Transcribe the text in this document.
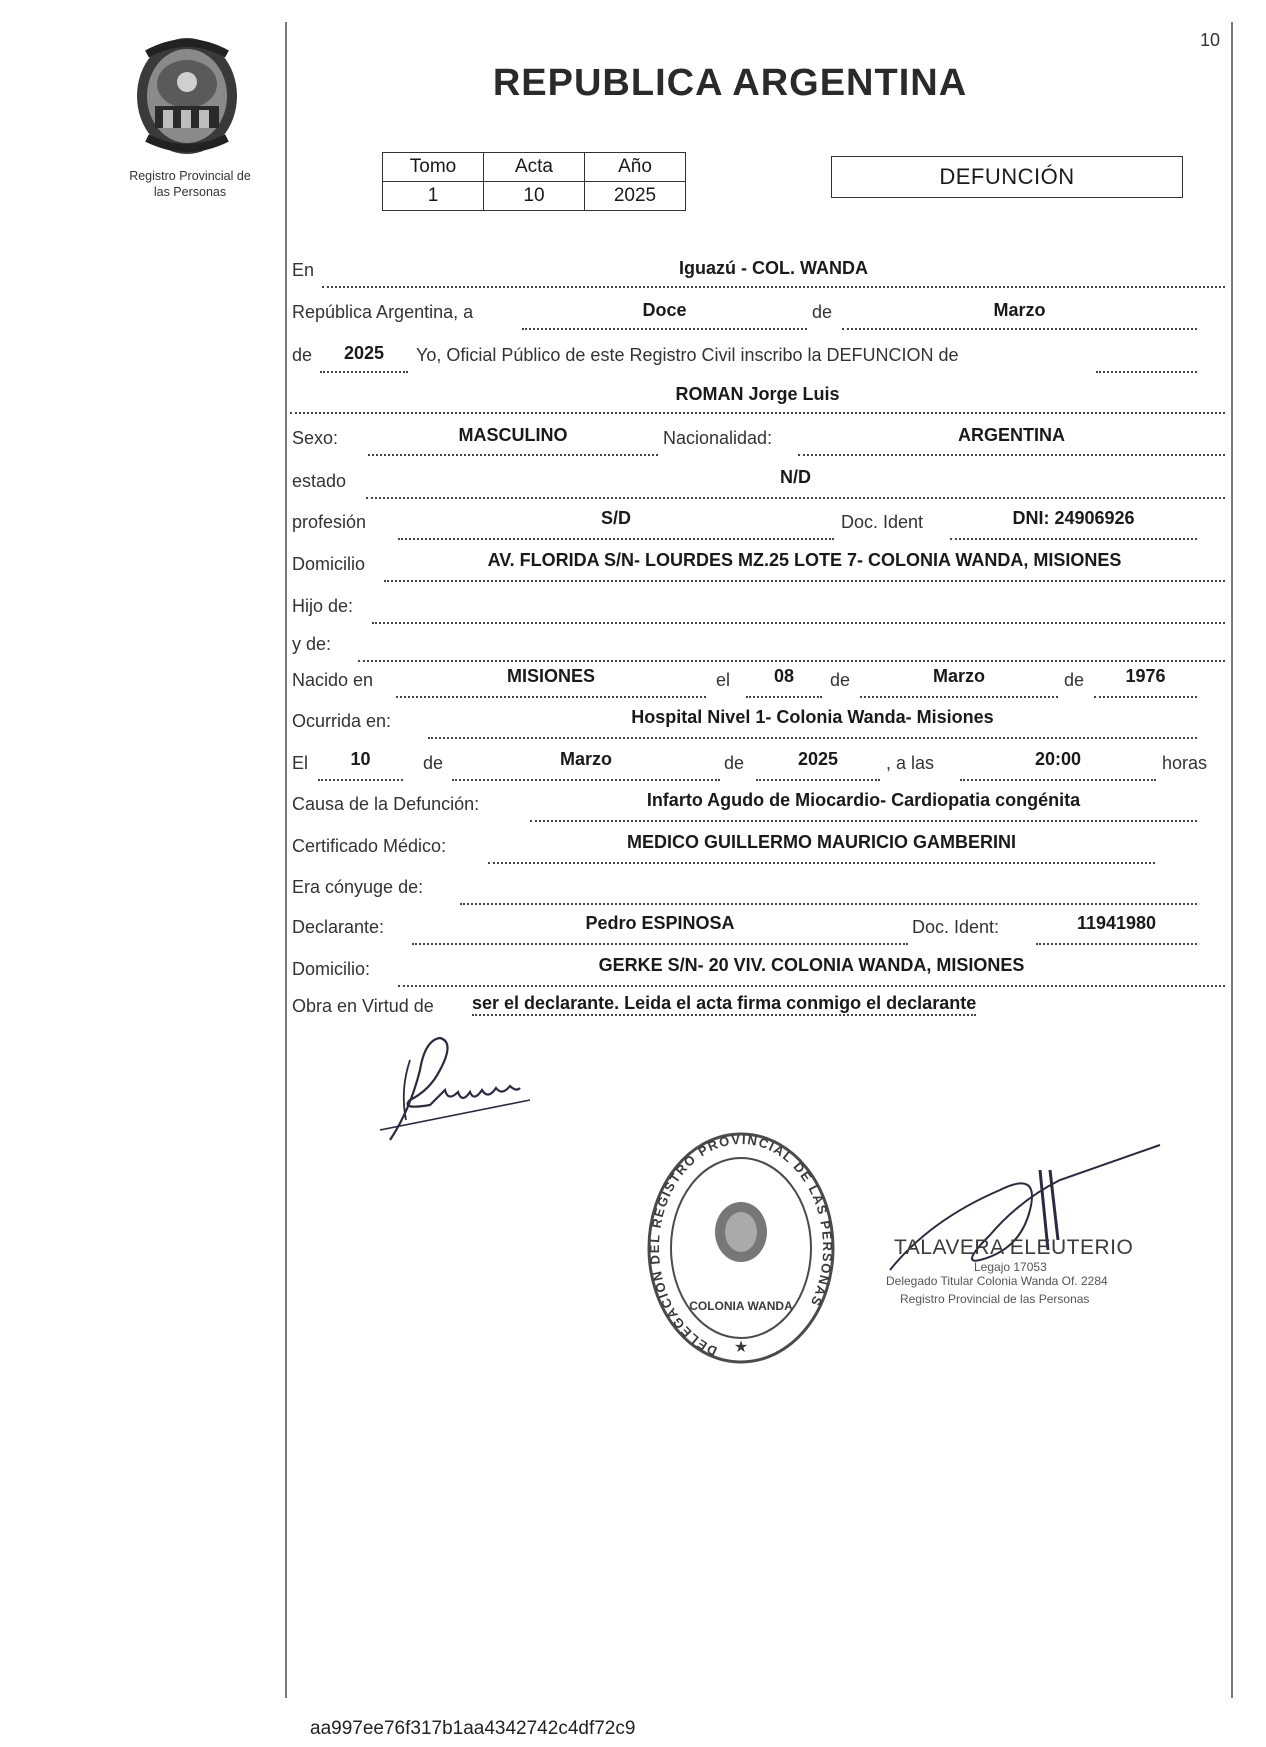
10
Registro Provincial de
las Personas
REPUBLICA ARGENTINA
Tomo	Acta	Año
1	10	2025
DEFUNCIÓN
En	Iguazú - COL. WANDA
República Argentina, a	Doce	de	Marzo
de	2025	Yo, Oficial Público de este Registro Civil inscribo la DEFUNCION de
ROMAN Jorge Luis
Sexo:	MASCULINO	Nacionalidad:	ARGENTINA
estado	N/D
profesión	S/D	Doc. Ident	DNI: 24906926
Domicilio	AV. FLORIDA S/N- LOURDES MZ.25 LOTE 7- COLONIA WANDA, MISIONES
Hijo de:
y de:
Nacido en	MISIONES	el	08	de	Marzo	de	1976
Ocurrida en:	Hospital Nivel 1- Colonia Wanda- Misiones
El	10	de	Marzo	de	2025	, a las	20:00	horas
Causa de la Defunción:	Infarto Agudo de Miocardio- Cardiopatia congénita
Certificado Médico:	MEDICO GUILLERMO MAURICIO GAMBERINI
Era cónyuge de:
Declarante:	Pedro ESPINOSA	Doc. Ident:	11941980
Domicilio:	GERKE S/N- 20 VIV. COLONIA WANDA, MISIONES
Obra en Virtud de ser el declarante. Leida el acta firma conmigo el declarante
DELEGACION DEL REGISTRO PROVINCIAL DE LAS PERSONAS
COLONIA WANDA
★
TALAVERA ELEUTERIO
Legajo 17053
Delegado Titular Colonia Wanda Of. 2284
Registro Provincial de las Personas
aa997ee76f317b1aa4342742c4df72c9
